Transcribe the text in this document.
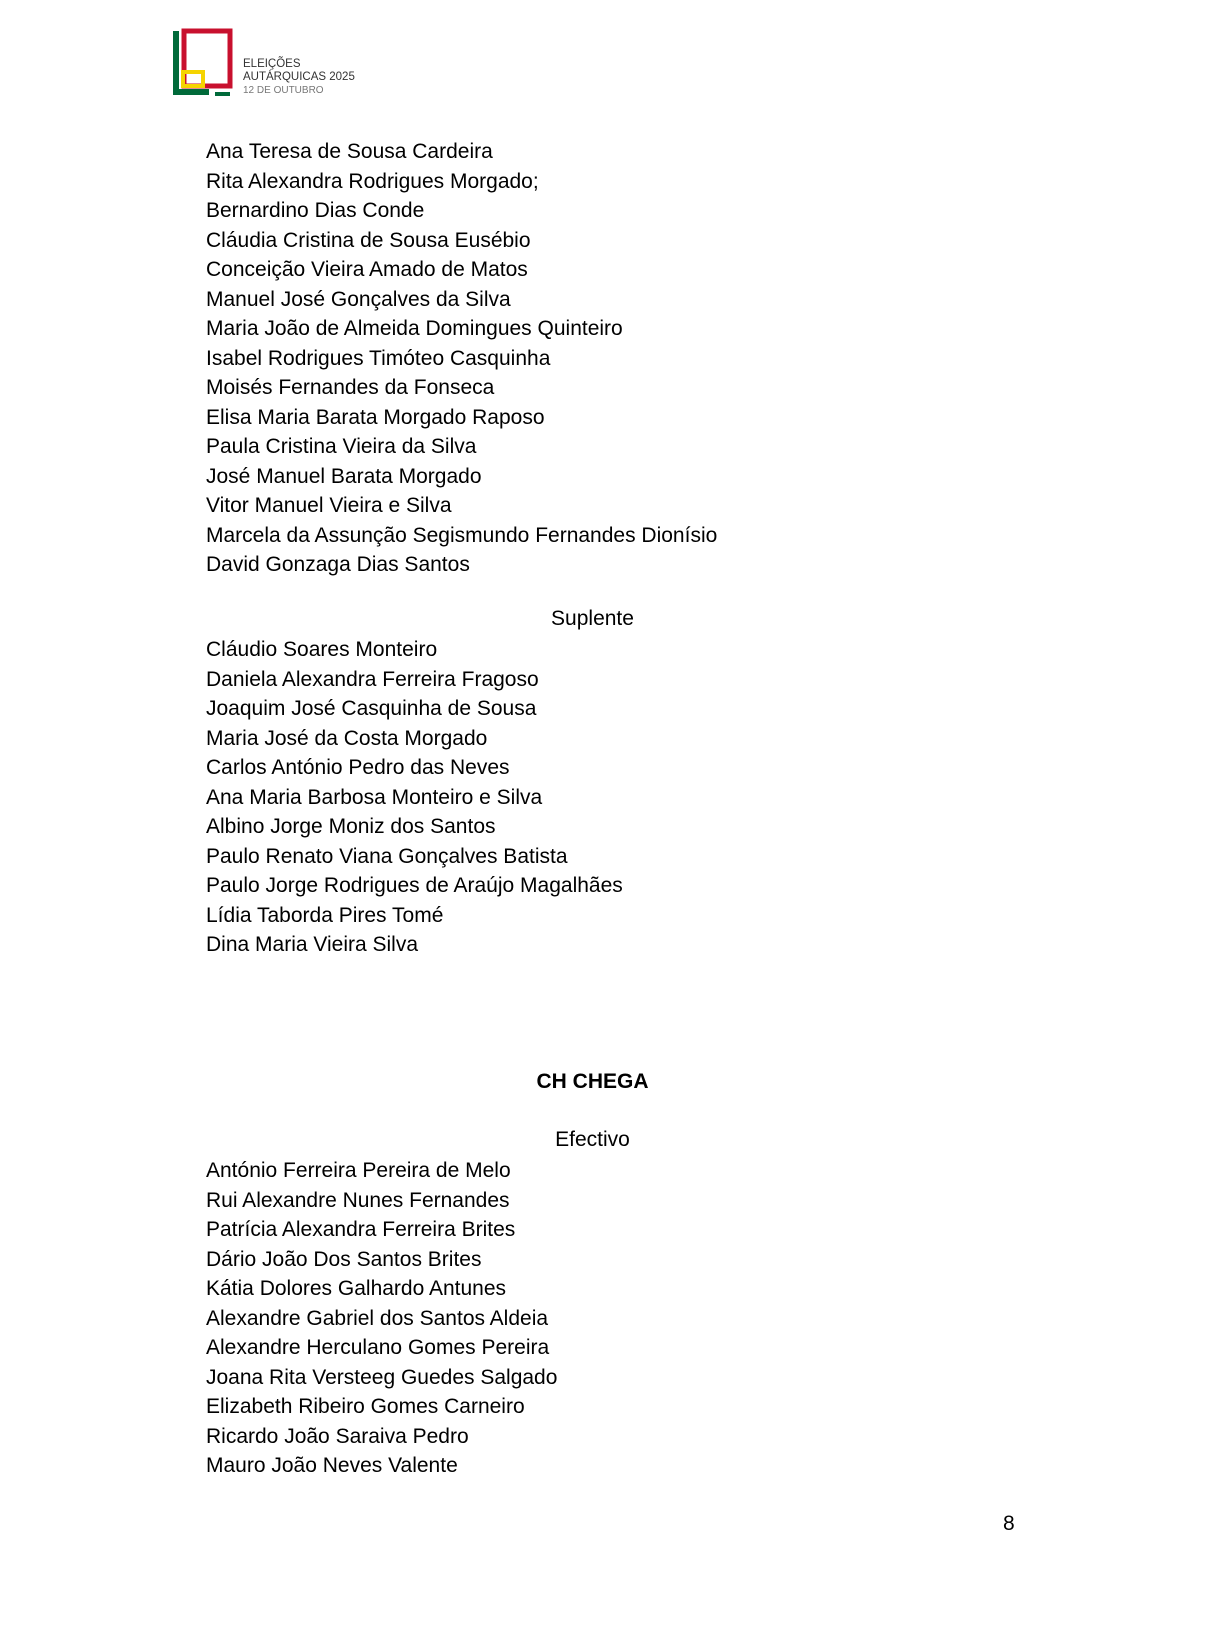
ELEIÇÕES
AUTÁRQUICAS 2025
12 DE OUTUBRO
Ana Teresa de Sousa Cardeira
Rita Alexandra Rodrigues Morgado;
Bernardino Dias Conde
Cláudia Cristina de Sousa Eusébio
Conceição Vieira Amado de Matos
Manuel José Gonçalves da Silva
Maria João de Almeida Domingues Quinteiro
Isabel Rodrigues Timóteo Casquinha
Moisés Fernandes da Fonseca
Elisa Maria Barata Morgado Raposo
Paula Cristina Vieira da Silva
José Manuel Barata Morgado
Vitor Manuel Vieira e Silva
Marcela da Assunção Segismundo Fernandes Dionísio
David Gonzaga Dias Santos
Suplente
Cláudio Soares Monteiro
Daniela Alexandra Ferreira Fragoso
Joaquim José Casquinha de Sousa
Maria José da Costa Morgado
Carlos António Pedro das Neves
Ana Maria Barbosa Monteiro e Silva
Albino Jorge Moniz dos Santos
Paulo Renato Viana Gonçalves Batista
Paulo Jorge Rodrigues de Araújo Magalhães
Lídia Taborda Pires Tomé
Dina Maria Vieira Silva
CH CHEGA
Efectivo
António Ferreira Pereira de Melo
Rui Alexandre Nunes Fernandes
Patrícia Alexandra Ferreira Brites
Dário João Dos Santos Brites
Kátia Dolores Galhardo Antunes
Alexandre Gabriel dos Santos Aldeia
Alexandre Herculano Gomes Pereira
Joana Rita Versteeg Guedes Salgado
Elizabeth Ribeiro Gomes Carneiro
Ricardo João Saraiva Pedro
Mauro João Neves Valente
8
